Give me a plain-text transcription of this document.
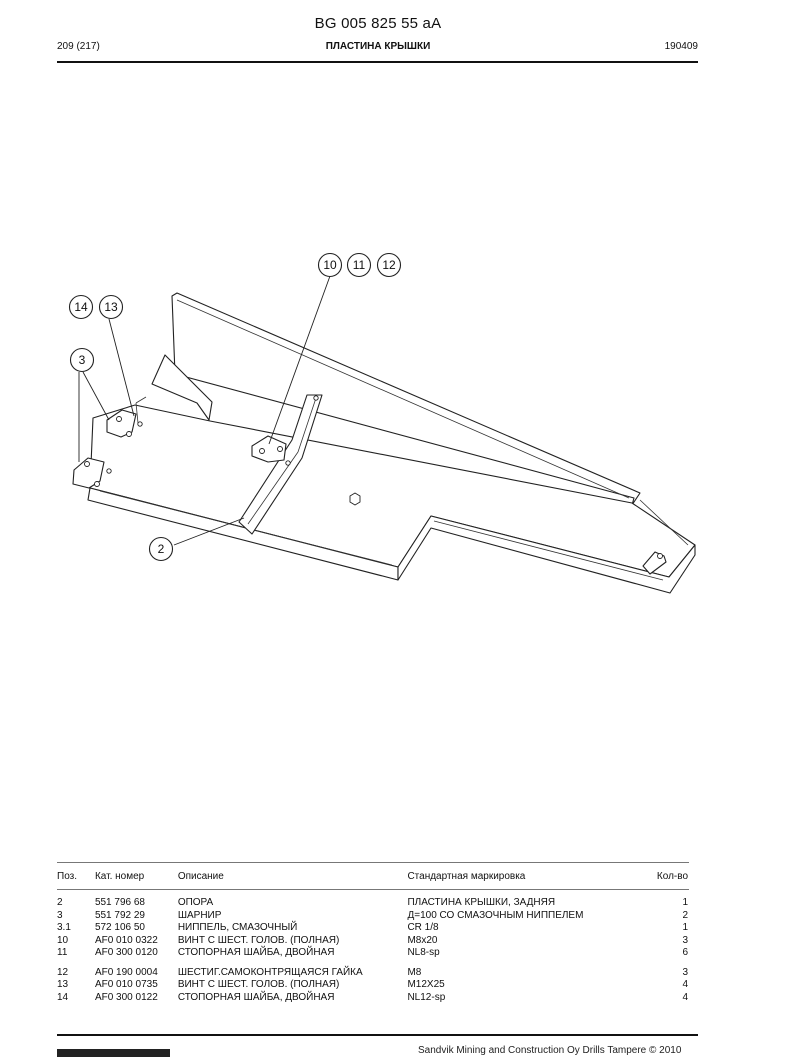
BG 005 825 55 aA
209 (217)	ПЛАСТИНА КРЫШКИ	190409
10 11 12
14 13
3
2
Поз.	Кат. номер	Описание	Стандартная маркировка	Кол-во
2	551 796 68	ОПОРА	ПЛАСТИНА КРЫШКИ, ЗАДНЯЯ	1
3	551 792 29	ШАРНИР	Д=100 СО СМАЗОЧНЫМ НИППЕЛЕМ	2
3.1	572 106 50	НИППЕЛЬ, СМАЗОЧНЫЙ	CR 1/8	1
10	AF0 010 0322	ВИНТ С ШЕСТ. ГОЛОВ. (ПОЛНАЯ)	M8x20	3
11	AF0 300 0120	СТОПОРНАЯ ШАЙБА, ДВОЙНАЯ	NL8-sp	6
12	AF0 190 0004	ШЕСТИГ.САМОКОНТРЯЩАЯСЯ ГАЙКА	M8	3
13	AF0 010 0735	ВИНТ С ШЕСТ. ГОЛОВ. (ПОЛНАЯ)	M12X25	4
14	AF0 300 0122	СТОПОРНАЯ ШАЙБА, ДВОЙНАЯ	NL12-sp	4
Sandvik Mining and Construction Oy Drills Tampere © 2010
